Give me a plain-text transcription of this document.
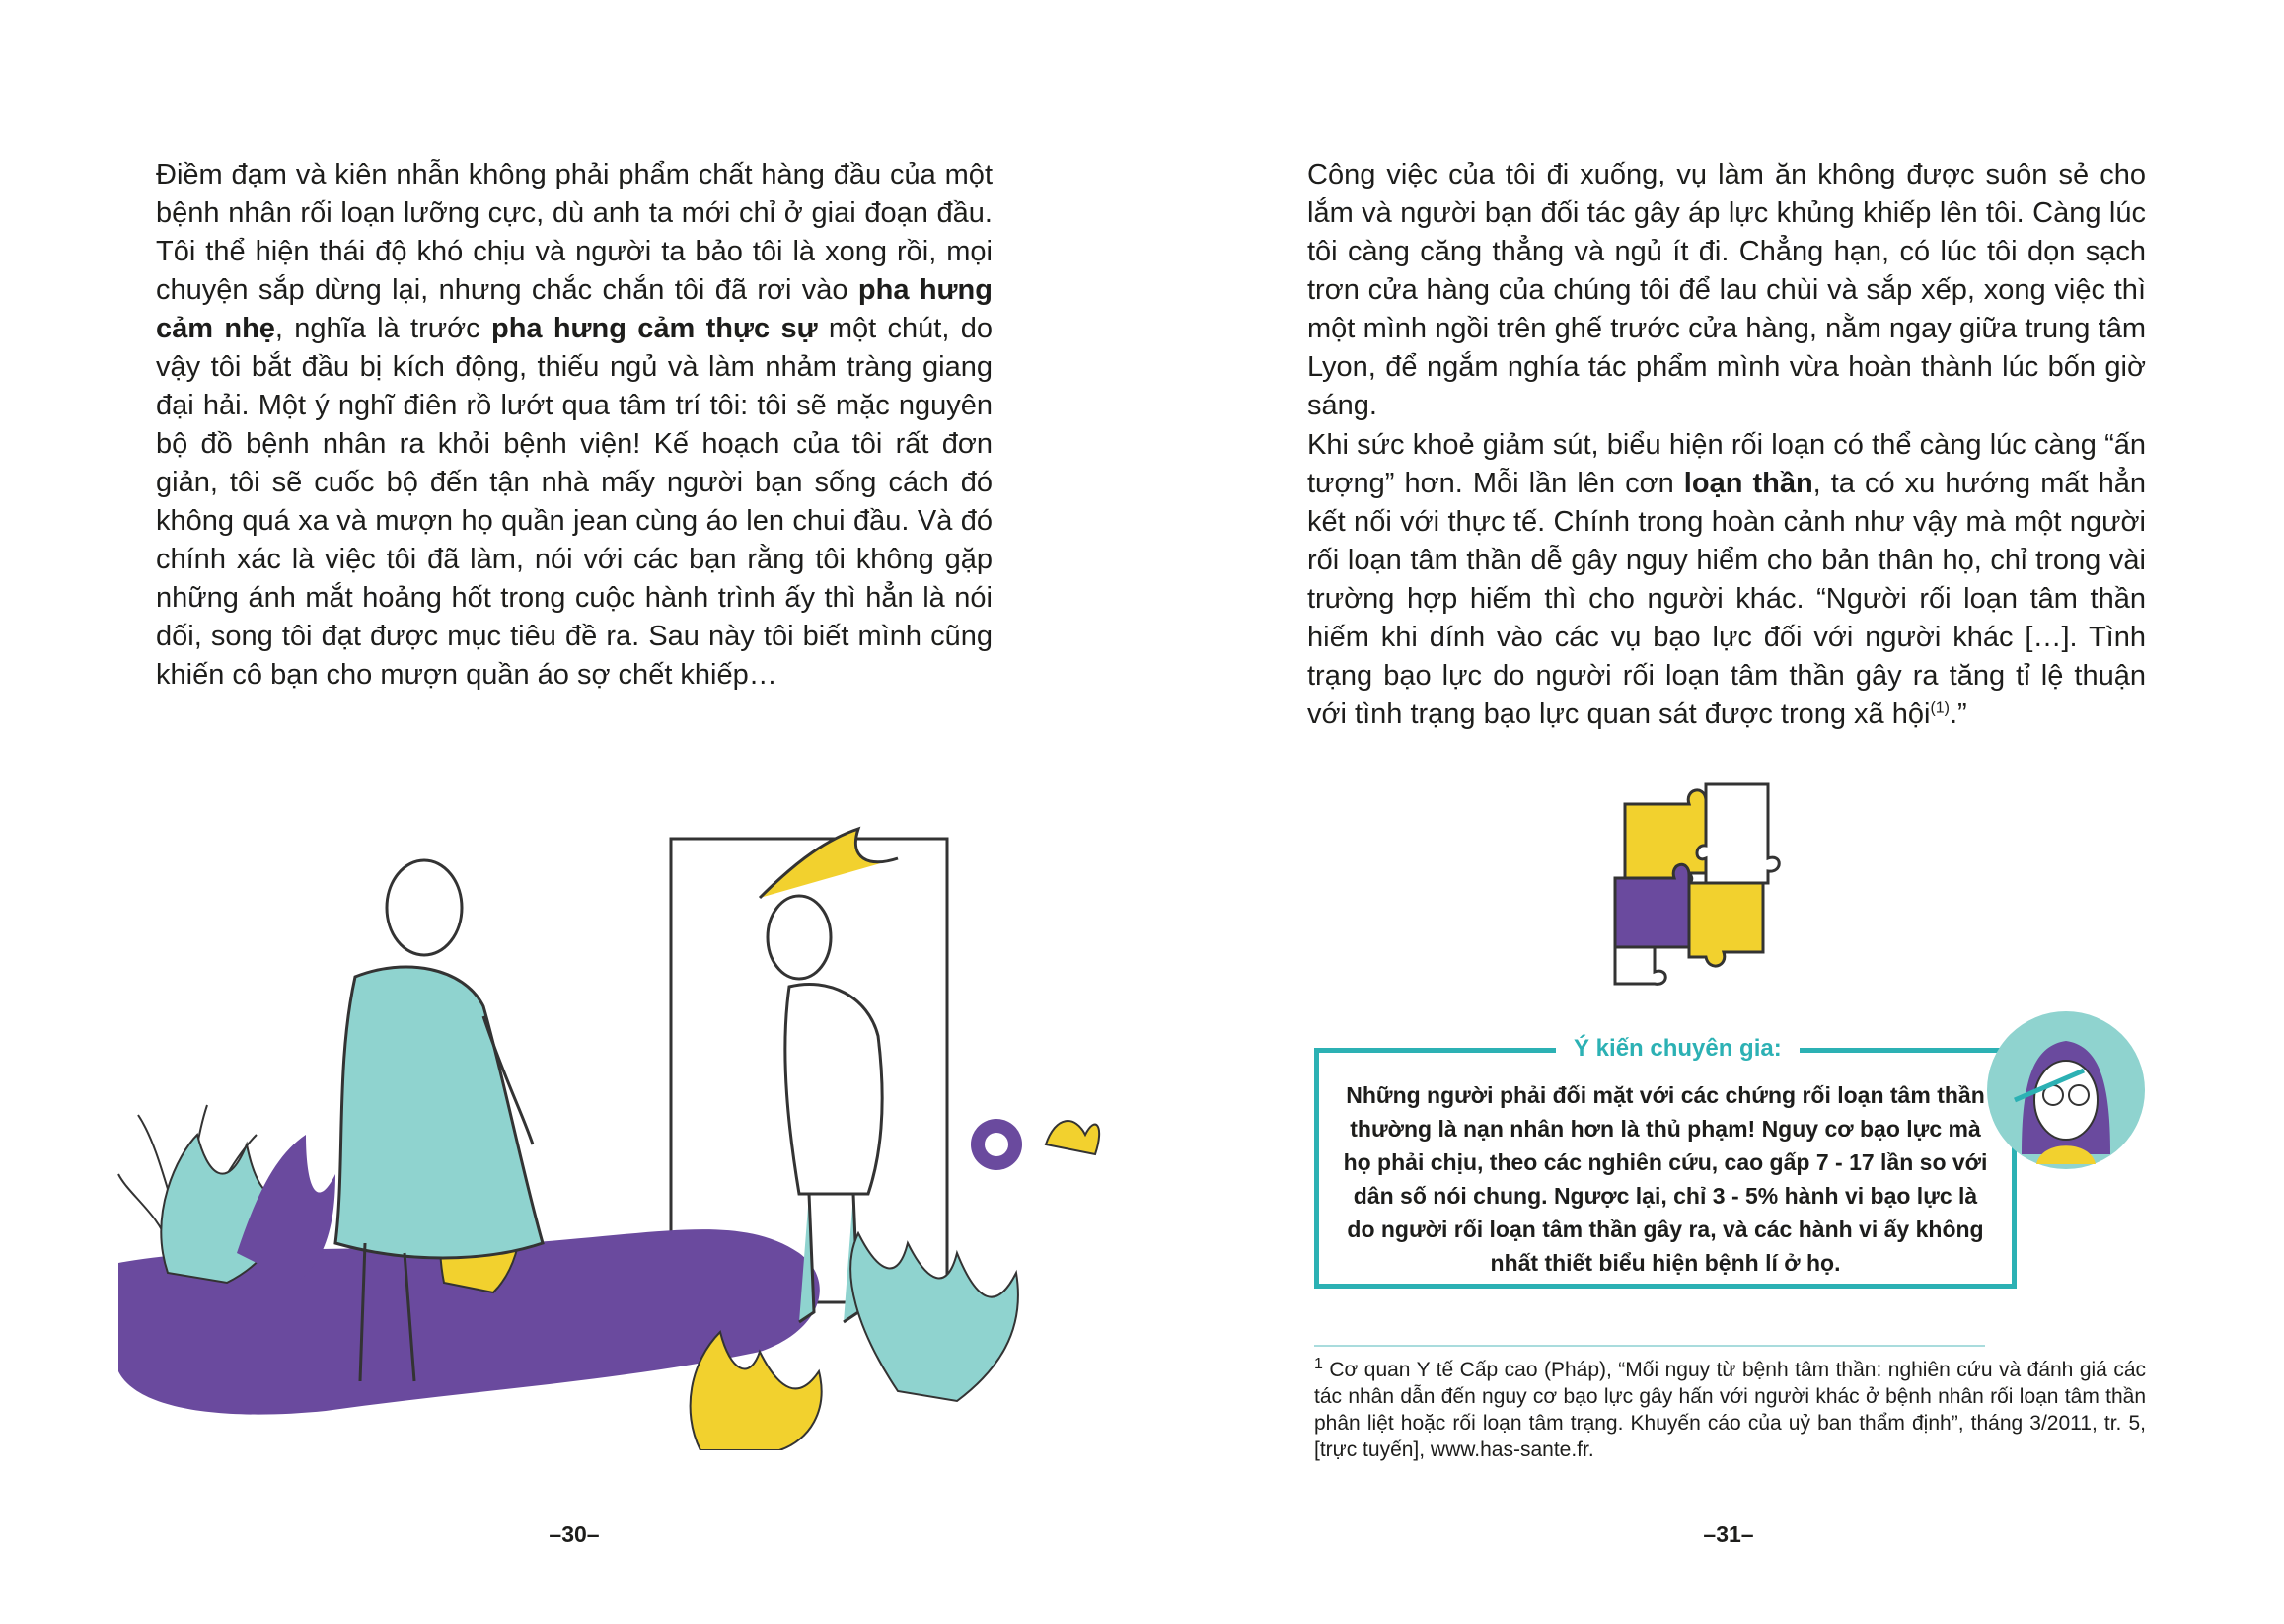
Điềm đạm và kiên nhẫn không phải phẩm chất hàng đầu của một bệnh nhân rối loạn lưỡng cực, dù anh ta mới chỉ ở giai đoạn đầu. Tôi thể hiện thái độ khó chịu và người ta bảo tôi là xong rồi, mọi chuyện sắp dừng lại, nhưng chắc chắn tôi đã rơi vào pha hưng cảm nhẹ, nghĩa là trước pha hưng cảm thực sự một chút, do vậy tôi bắt đầu bị kích động, thiếu ngủ và làm nhảm tràng giang đại hải. Một ý nghĩ điên rồ lướt qua tâm trí tôi: tôi sẽ mặc nguyên bộ đồ bệnh nhân ra khỏi bệnh viện! Kế hoạch của tôi rất đơn giản, tôi sẽ cuốc bộ đến tận nhà mấy người bạn sống cách đó không quá xa và mượn họ quần jean cùng áo len chui đầu. Và đó chính xác là việc tôi đã làm, nói với các bạn rằng tôi không gặp những ánh mắt hoảng hốt trong cuộc hành trình ấy thì hẳn là nói dối, song tôi đạt được mục tiêu đề ra. Sau này tôi biết mình cũng khiến cô bạn cho mượn quần áo sợ chết khiếp…

–30–

Công việc của tôi đi xuống, vụ làm ăn không được suôn sẻ cho lắm và người bạn đối tác gây áp lực khủng khiếp lên tôi. Càng lúc tôi càng căng thẳng và ngủ ít đi. Chẳng hạn, có lúc tôi dọn sạch trơn cửa hàng của chúng tôi để lau chùi và sắp xếp, xong việc thì một mình ngồi trên ghế trước cửa hàng, nằm ngay giữa trung tâm Lyon, để ngắm nghía tác phẩm mình vừa hoàn thành lúc bốn giờ sáng.

Khi sức khoẻ giảm sút, biểu hiện rối loạn có thể càng lúc càng “ấn tượng” hơn. Mỗi lần lên cơn loạn thần, ta có xu hướng mất hẳn kết nối với thực tế. Chính trong hoàn cảnh như vậy mà một người rối loạn tâm thần dễ gây nguy hiểm cho bản thân họ, chỉ trong vài trường hợp hiếm thì cho người khác. “Người rối loạn tâm thần hiếm khi dính vào các vụ bạo lực đối với người khác […]. Tình trạng bạo lực do người rối loạn tâm thần gây ra tăng tỉ lệ thuận với tình trạng bạo lực quan sát được trong xã hội$^{(1)}$.”

Ý kiến chuyên gia:

Những người phải đối mặt với các chứng rối loạn tâm thần thường là nạn nhân hơn là thủ phạm! Nguy cơ bạo lực mà họ phải chịu, theo các nghiên cứu, cao gấp 7 - 17 lần so với dân số nói chung. Ngược lại, chỉ 3 - 5% hành vi bạo lực là do người rối loạn tâm thần gây ra, và các hành vi ấy không nhất thiết biểu hiện bệnh lí ở họ.

$^1$ Cơ quan Y tế Cấp cao (Pháp), “Mối nguy từ bệnh tâm thần: nghiên cứu và đánh giá các tác nhân dẫn đến nguy cơ bạo lực gây hấn với người khác ở bệnh nhân rối loạn tâm thần phân liệt hoặc rối loạn tâm trạng. Khuyến cáo của uỷ ban thẩm định”, tháng 3/2011, tr. 5, [trực tuyến], www.has-sante.fr.

–31–
